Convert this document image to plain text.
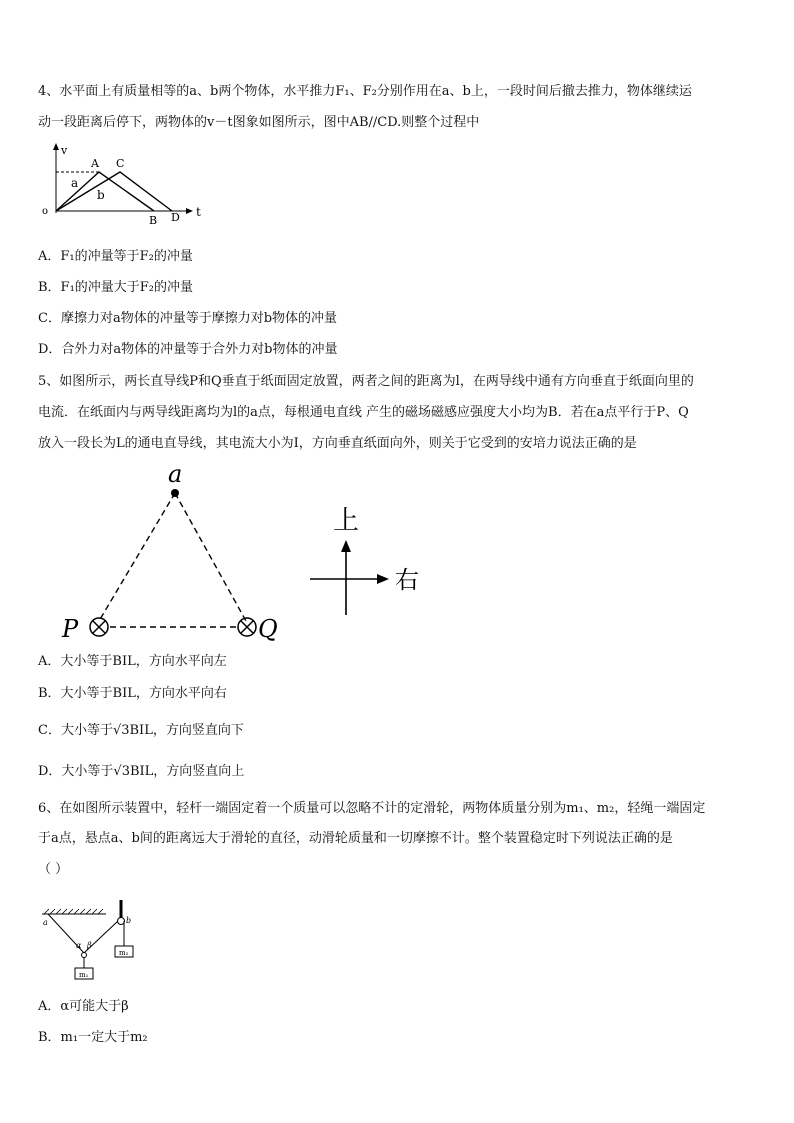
4、水平面上有质量相等的a、b两个物体，水平推力F₁、F₂分别作用在a、b上，一段时间后撤去推力，物体继续运
动一段距离后停下，两物体的v－t图象如图所示，图中AB//CD.则整个过程中
v
o	t
A C
B D
a
b
A．F₁的冲量等于F₂的冲量
B．F₁的冲量大于F₂的冲量
C．摩擦力对a物体的冲量等于摩擦力对b物体的冲量
D．合外力对a物体的冲量等于合外力对b物体的冲量
5、如图所示，两长直导线P和Q垂直于纸面固定放置，两者之间的距离为l，在两导线中通有方向垂直于纸面向里的
电流．在纸面内与两导线距离均为l的a点，每根通电直线 产生的磁场磁感应强度大小均为B．若在a点平行于P、Q
放入一段长为L的通电直导线，其电流大小为I，方向垂直纸面向外，则关于它受到的安培力说法正确的是
a
P	Q
上
右
A．大小等于BIL，方向水平向左
B．大小等于BIL，方向水平向右
C．大小等于√3BIL，方向竖直向下
D．大小等于√3BIL，方向竖直向上
6、在如图所示装置中，轻杆一端固定着一个质量可以忽略不计的定滑轮，两物体质量分别为m₁、m₂，轻绳一端固定
于a点，悬点a、b间的距离远大于滑轮的直径，动滑轮质量和一切摩擦不计。整个装置稳定时下列说法正确的是
（ ）
a	b
α β
m₁
m₂
A．α可能大于β
B．m₁一定大于m₂
